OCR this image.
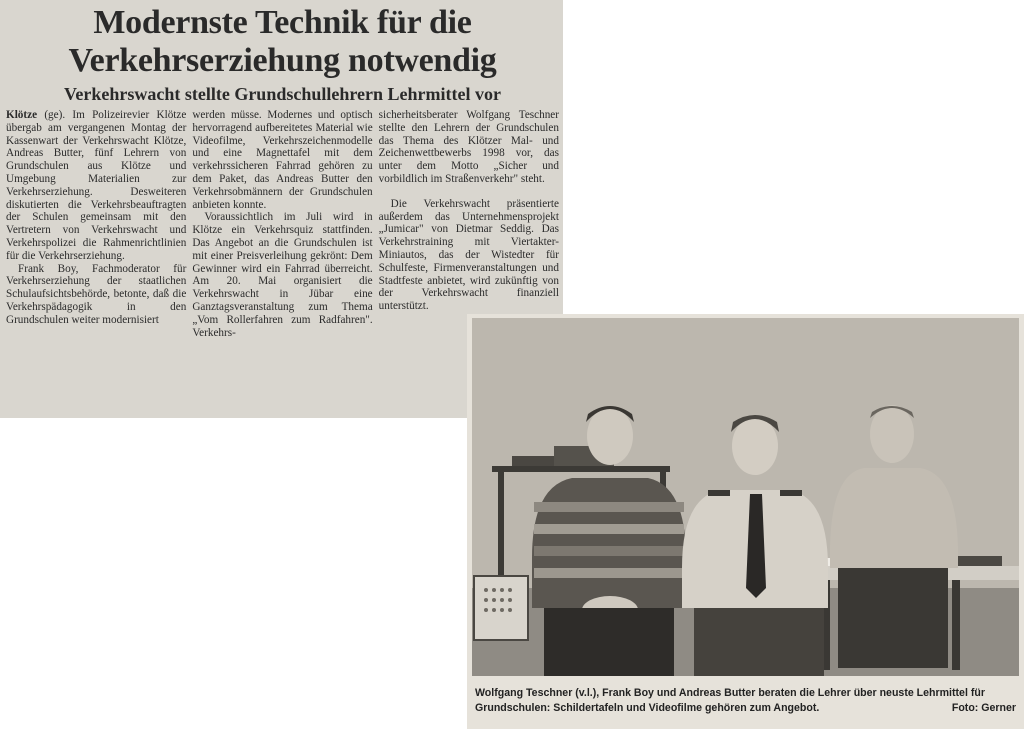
Modernste Technik für die
Verkehrserziehung notwendig
Verkehrswacht stellte Grundschullehrern Lehrmittel vor

Klötze (ge). Im Polizeirevier Klötze übergab am vergangenen Montag der Kassenwart der Verkehrswacht Klötze, Andreas Butter, fünf Lehrern von Grundschulen aus Klötze und Umgebung Materialien zur Verkehrserziehung. Desweiteren diskutierten die Verkehrsbeauftragten der Schulen gemeinsam mit den Vertretern von Verkehrswacht und Verkehrspolizei die Rahmenrichtlinien für die Verkehrserziehung.

Frank Boy, Fachmoderator für Verkehrserziehung der staatlichen Schulaufsichtsbehörde, betonte, daß die Verkehrspädagogik in den Grundschulen weiter modernisiert

werden müsse. Modernes und optisch hervorragend aufbereitetes Material wie Videofilme, Verkehrszeichenmodelle und eine Magnettafel mit dem verkehrssicheren Fahrrad gehören zu dem Paket, das Andreas Butter den Verkehrsobmännern der Grundschulen anbieten konnte.

Voraussichtlich im Juli wird in Klötze ein Verkehrsquiz stattfinden. Das Angebot an die Grundschulen ist mit einer Preisverleihung gekrönt: Dem Gewinner wird ein Fahrrad überreicht. Am 20. Mai organisiert die Verkehrswacht in Jübar eine Ganztagsveranstaltung zum Thema „Vom Rollerfahren zum Radfahren". Verkehrs-

sicherheitsberater Wolfgang Teschner stellte den Lehrern der Grundschulen das Thema des Klötzer Mal- und Zeichenwettbewerbs 1998 vor, das unter dem Motto „Sicher und vorbildlich im Straßenverkehr" steht.

Die Verkehrswacht präsentierte außerdem das Unternehmensprojekt „Jumicar" von Dietmar Seddig. Das Verkehrstraining mit Viertakter-Miniautos, das der Wistedter für Schulfeste, Firmenveranstaltungen und Stadtfeste anbietet, wird zukünftig von der Verkehrswacht finanziell unterstützt.

Wolfgang Teschner (v.l.), Frank Boy und Andreas Butter beraten die Lehrer über neuste Lehrmittel für Grundschulen: Schildertafeln und Videofilme gehören zum Angebot.	Foto: Gerner
